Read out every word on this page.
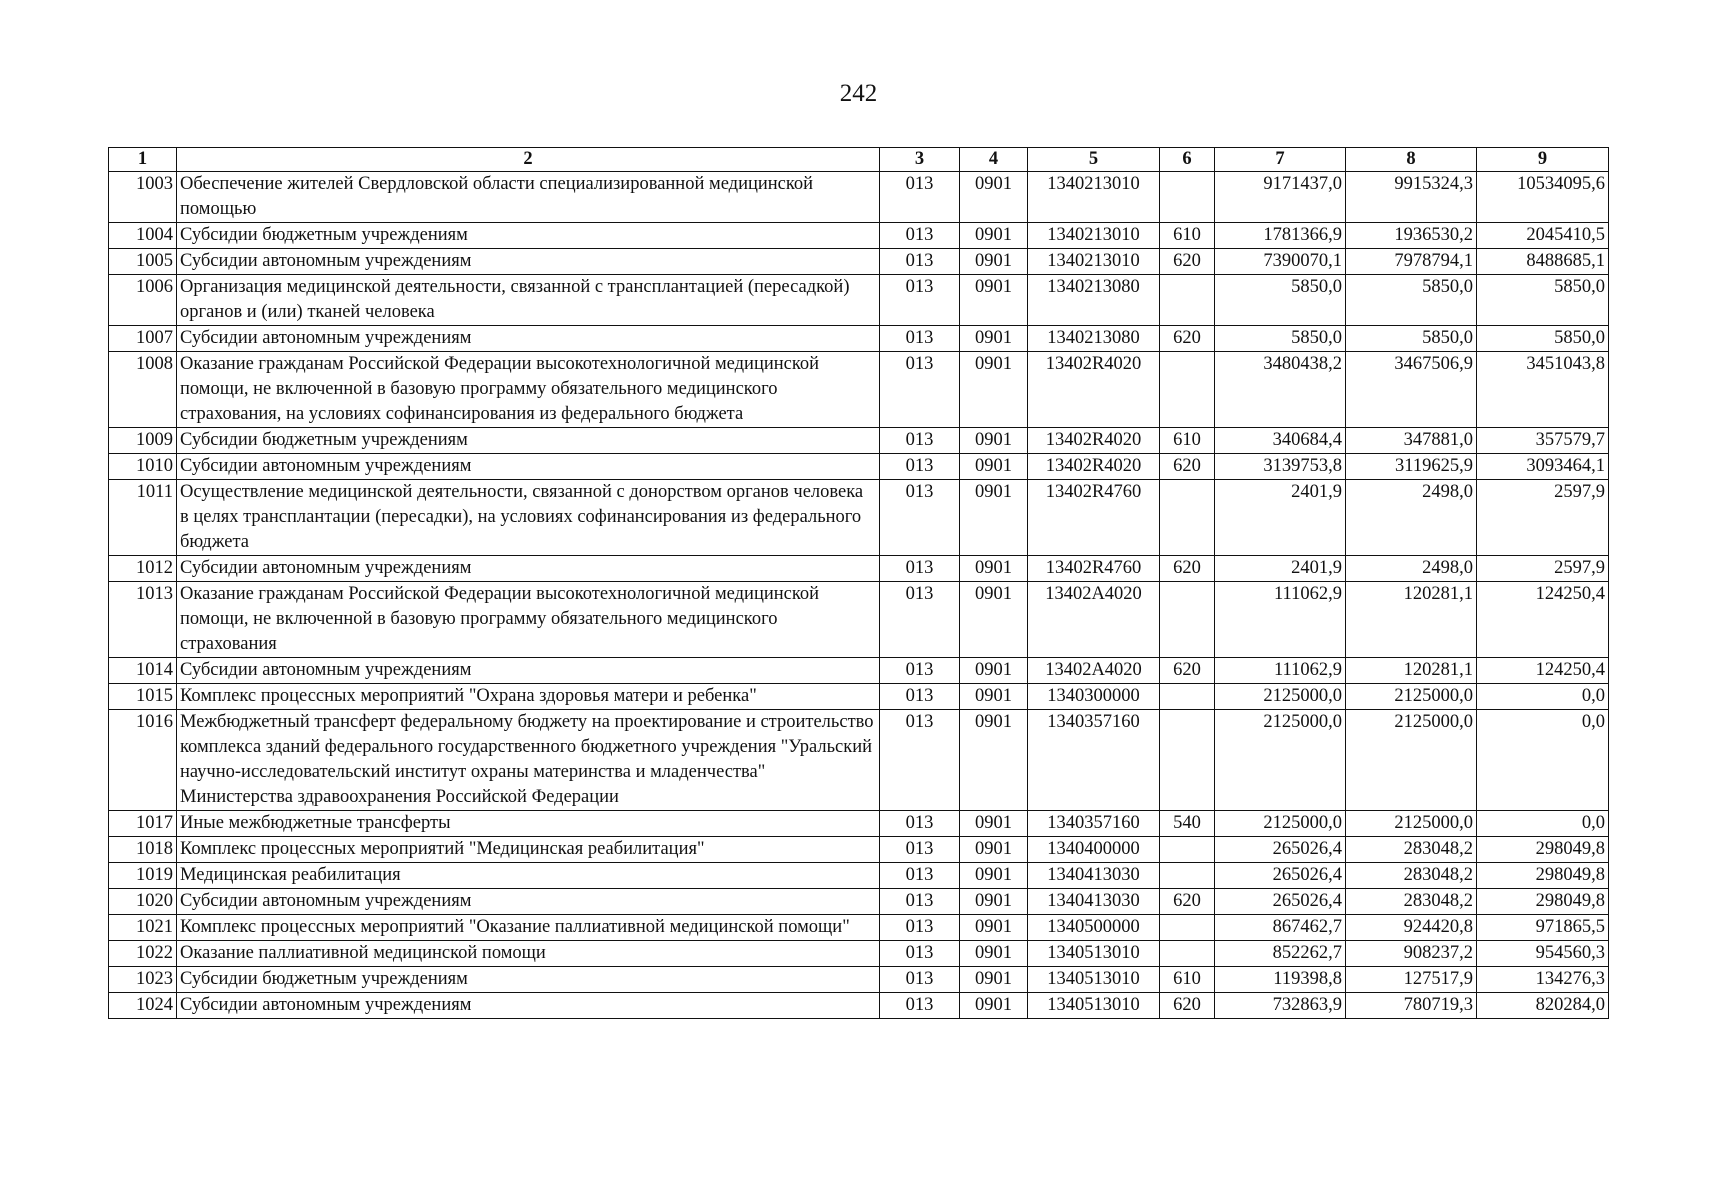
242
1	2	3	4	5	6	7	8	9
1003	Обеспечение жителей Свердловской области специализированной медицинской помощью	013	0901	1340213010		9171437,0	9915324,3	10534095,6
1004	Субсидии бюджетным учреждениям	013	0901	1340213010	610	1781366,9	1936530,2	2045410,5
1005	Субсидии автономным учреждениям	013	0901	1340213010	620	7390070,1	7978794,1	8488685,1
1006	Организация медицинской деятельности, связанной с трансплантацией (пересадкой) органов и (или) тканей человека	013	0901	1340213080		5850,0	5850,0	5850,0
1007	Субсидии автономным учреждениям	013	0901	1340213080	620	5850,0	5850,0	5850,0
1008	Оказание гражданам Российской Федерации высокотехнологичной медицинской помощи, не включенной в базовую программу обязательного медицинского страхования, на условиях софинансирования из федерального бюджета	013	0901	13402R4020		3480438,2	3467506,9	3451043,8
1009	Субсидии бюджетным учреждениям	013	0901	13402R4020	610	340684,4	347881,0	357579,7
1010	Субсидии автономным учреждениям	013	0901	13402R4020	620	3139753,8	3119625,9	3093464,1
1011	Осуществление медицинской деятельности, связанной с донорством органов человека в целях трансплантации (пересадки), на условиях софинансирования из федерального бюджета	013	0901	13402R4760		2401,9	2498,0	2597,9
1012	Субсидии автономным учреждениям	013	0901	13402R4760	620	2401,9	2498,0	2597,9
1013	Оказание гражданам Российской Федерации высокотехнологичной медицинской помощи, не включенной в базовую программу обязательного медицинского страхования	013	0901	13402А4020		111062,9	120281,1	124250,4
1014	Субсидии автономным учреждениям	013	0901	13402А4020	620	111062,9	120281,1	124250,4
1015	Комплекс процессных мероприятий "Охрана здоровья матери и ребенка"	013	0901	1340300000		2125000,0	2125000,0	0,0
1016	Межбюджетный трансферт федеральному бюджету на проектирование и строительство комплекса зданий федерального государственного бюджетного учреждения "Уральский научно-исследовательский институт охраны материнства и младенчества" Министерства здравоохранения Российской Федерации	013	0901	1340357160		2125000,0	2125000,0	0,0
1017	Иные межбюджетные трансферты	013	0901	1340357160	540	2125000,0	2125000,0	0,0
1018	Комплекс процессных мероприятий "Медицинская реабилитация"	013	0901	1340400000		265026,4	283048,2	298049,8
1019	Медицинская реабилитация	013	0901	1340413030		265026,4	283048,2	298049,8
1020	Субсидии автономным учреждениям	013	0901	1340413030	620	265026,4	283048,2	298049,8
1021	Комплекс процессных мероприятий "Оказание паллиативной медицинской помощи"	013	0901	1340500000		867462,7	924420,8	971865,5
1022	Оказание паллиативной медицинской помощи	013	0901	1340513010		852262,7	908237,2	954560,3
1023	Субсидии бюджетным учреждениям	013	0901	1340513010	610	119398,8	127517,9	134276,3
1024	Субсидии автономным учреждениям	013	0901	1340513010	620	732863,9	780719,3	820284,0
